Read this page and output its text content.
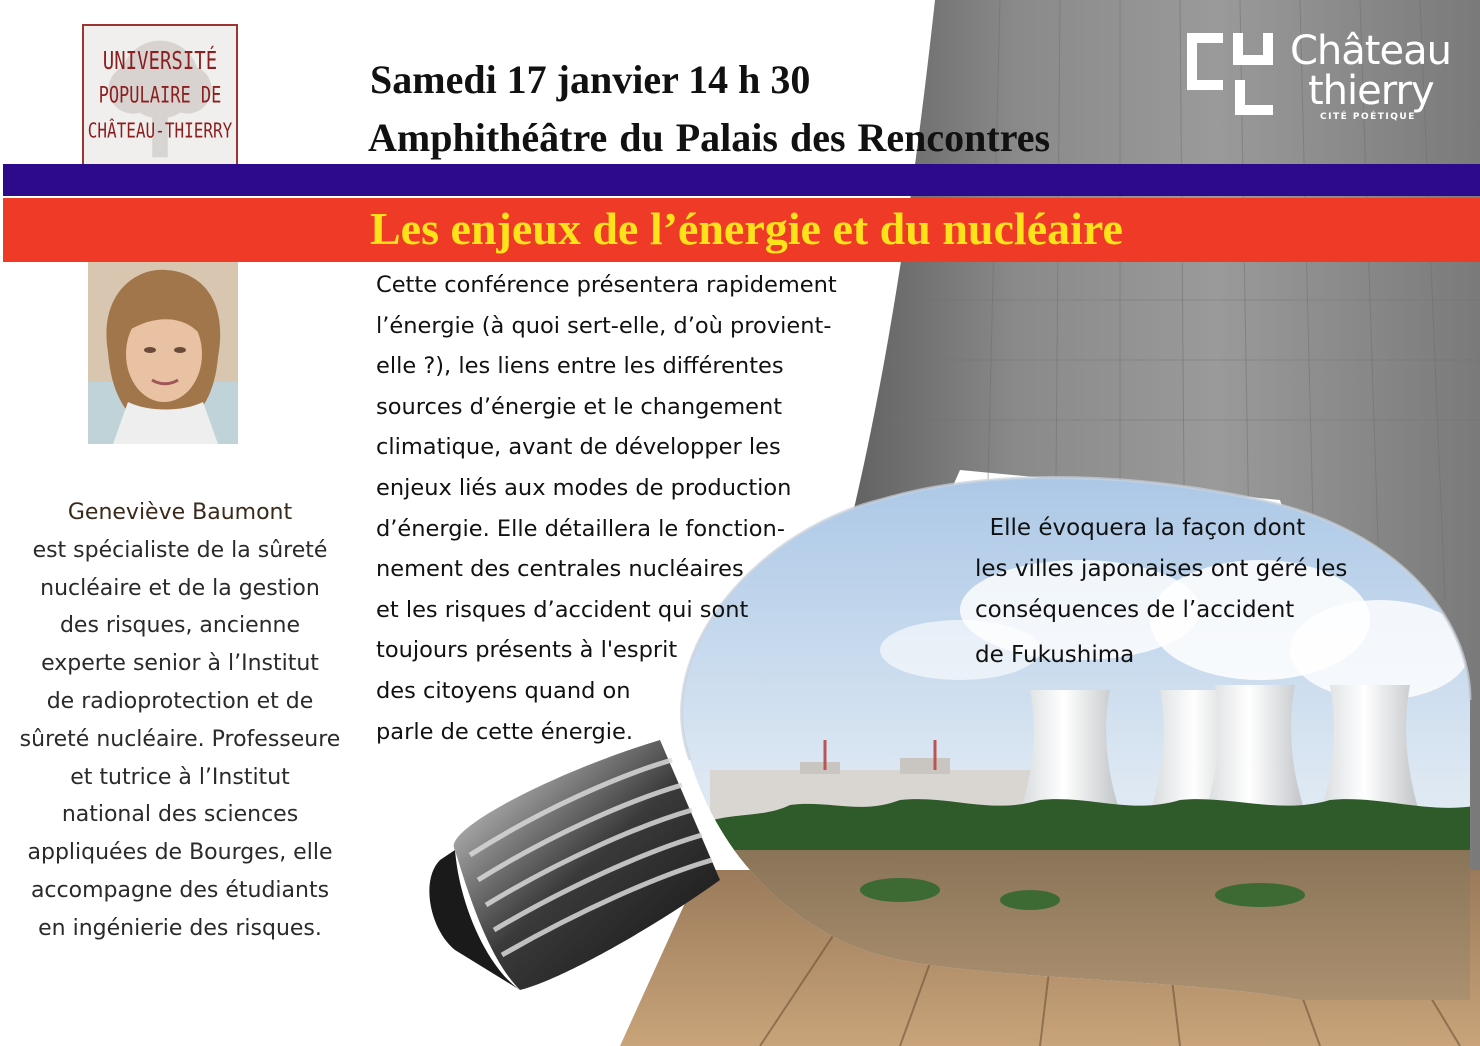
UNIVERSITÉ
POPULAIRE DE
CHÂTEAU-THIERRY
Samedi 17 janvier 14 h 30
Amphithéâtre du Palais des Rencontres
Château
thierry
CITÉ POÉTIQUE
Les enjeux de l’énergie et du nucléaire
Geneviève Baumont
est spécialiste de la sûreté
nucléaire et de la gestion
des risques, ancienne
experte senior à l’Institut
de radioprotection et de
sûreté nucléaire. Professeure
et tutrice à l’Institut
national des sciences
appliquées de Bourges, elle
accompagne des étudiants
en ingénierie des risques.
Cette conférence présentera rapidement
l’énergie (à quoi sert-elle, d’où provient-
elle ?), les liens entre les différentes
sources d’énergie et le changement
climatique, avant de développer les
enjeux liés aux modes de production
d’énergie. Elle détaillera le fonction-
nement des centrales nucléaires
et les risques d’accident qui sont
toujours présents à l'esprit
des citoyens quand on
parle de cette énergie.
Elle évoquera la façon dont
les villes japonaises ont géré les
conséquences de l’accident
de Fukushima
